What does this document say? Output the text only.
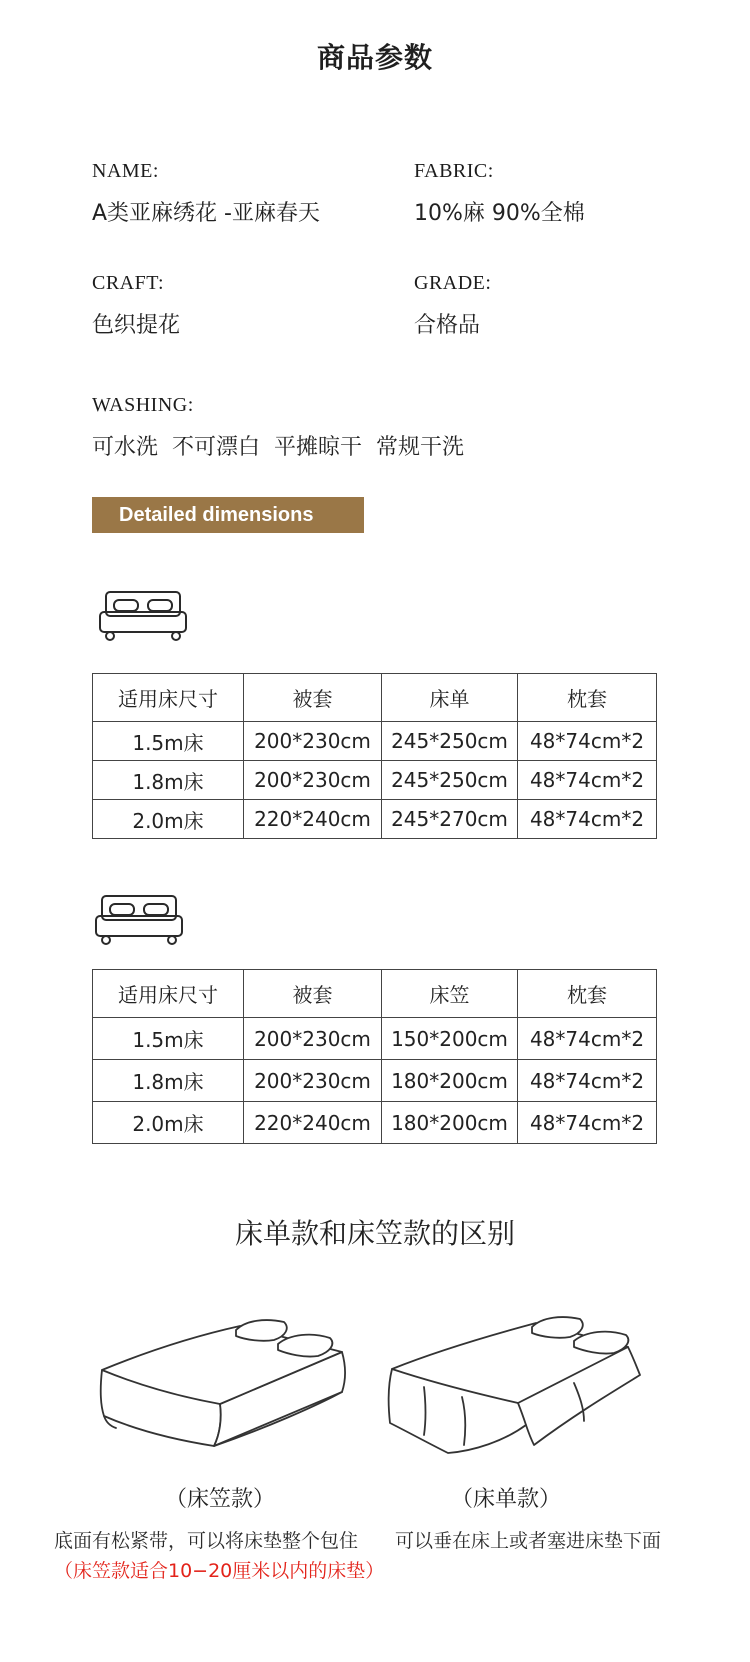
商品参数
NAME:
A类亚麻绣花 -亚麻春天
FABRIC:
10%麻 90%全棉
CRAFT:
色织提花
GRADE:
合格品
WASHING:
可水洗  不可漂白  平摊晾干  常规干洗
Detailed dimensions
适用床尺寸	被套	床单	枕套
1.5m床	200*230cm	245*250cm	48*74cm*2
1.8m床	200*230cm	245*250cm	48*74cm*2
2.0m床	220*240cm	245*270cm	48*74cm*2
适用床尺寸	被套	床笠	枕套
1.5m床	200*230cm	150*200cm	48*74cm*2
1.8m床	200*230cm	180*200cm	48*74cm*2
2.0m床	220*240cm	180*200cm	48*74cm*2
床单款和床笠款的区别
（床笠款）	（床单款）
底面有松紧带，可以将床垫整个包住 可以垂在床上或者塞进床垫下面
（床笠款适合10−20厘米以内的床垫）
